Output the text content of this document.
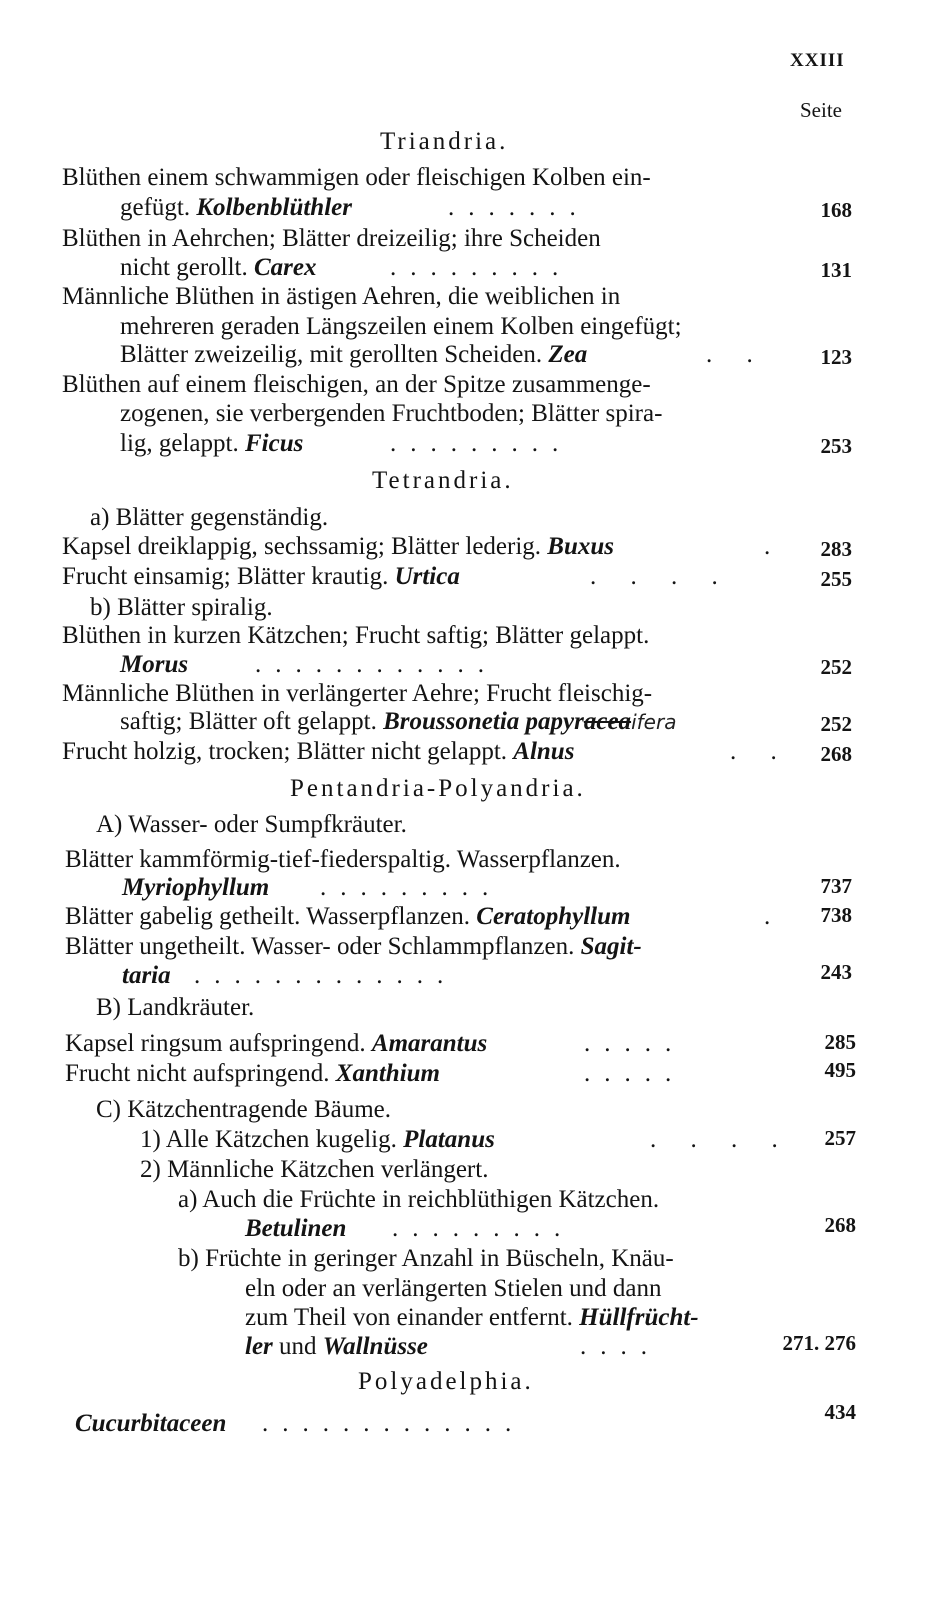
XXIII
Seite
Triandria.
Blüthen einem schwammigen oder fleischigen Kolben ein-
gefügt. Kolbenblüthler	.......	168
Blüthen in Aehrchen; Blätter dreizeilig; ihre Scheiden
nicht gerollt. Carex	.........	131
Männliche Blüthen in ästigen Aehren, die weiblichen in
mehreren geraden Längszeilen einem Kolben eingefügt;
Blätter zweizeilig, mit gerollten Scheiden. Zea	. .	123
Blüthen auf einem fleischigen, an der Spitze zusammenge-
zogenen, sie verbergenden Fruchtboden; Blätter spira-
lig, gelappt. Ficus	.........	253
Tetrandria.
a) Blätter gegenständig.
Kapsel dreiklappig, sechssamig; Blätter lederig. Buxus	.	283
Frucht einsamig; Blätter krautig. Urtica	. . . .	255
b) Blätter spiralig.
Blüthen in kurzen Kätzchen; Frucht saftig; Blätter gelappt.
Morus	............	252
Männliche Blüthen in verlängerter Aehre; Frucht fleischig-
saftig; Blätter oft gelappt. Broussonetia papyraceaifera	252
Frucht holzig, trocken; Blätter nicht gelappt. Alnus	. .	268
Pentandria-Polyandria.
A) Wasser- oder Sumpfkräuter.
Blätter kammförmig-tief-fiederspaltig. Wasserpflanzen.
Myriophyllum .........	737
Blätter gabelig getheilt. Wasserpflanzen. Ceratophyllum	.	738
Blätter ungetheilt. Wasser- oder Schlammpflanzen. Sagit-
taria .............	243
B) Landkräuter.
Kapsel ringsum aufspringend. Amarantus	.....	285
Frucht nicht aufspringend. Xanthium	.....	495
C) Kätzchentragende Bäume.
1) Alle Kätzchen kugelig. Platanus	. . . .	257
2) Männliche Kätzchen verlängert.
a) Auch die Früchte in reichblüthigen Kätzchen.
Betulinen .........	268
b) Früchte in geringer Anzahl in Büscheln, Knäu-
eln oder an verlängerten Stielen und dann
zum Theil von einander entfernt. Hüllfrücht-
ler und Wallnüsse	....	271. 276
Polyadelphia.
Cucurbitaceen .............	434
